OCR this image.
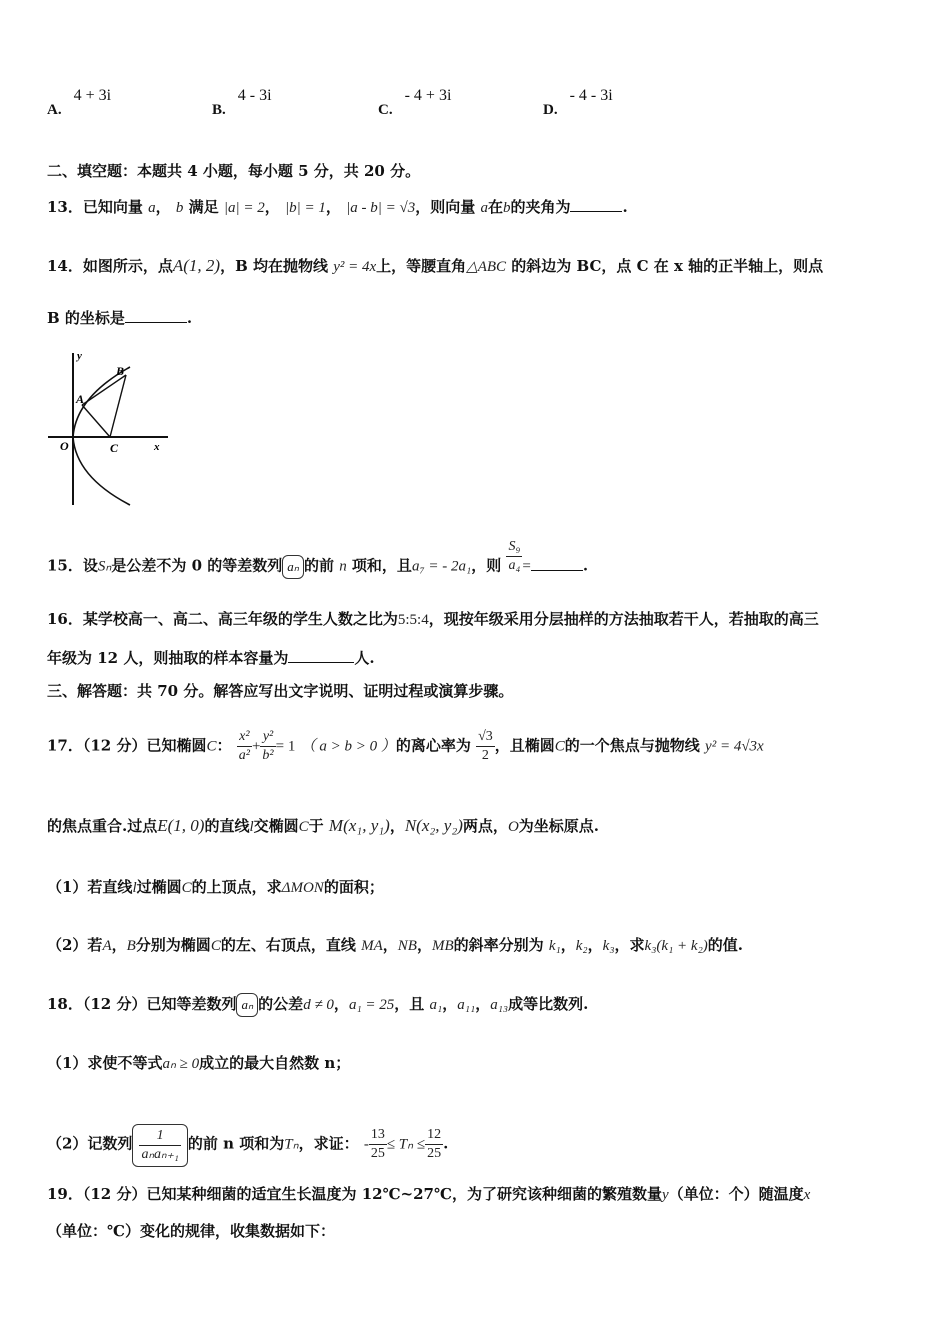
A.4 + 3i
B.4 - 3i
C.- 4 + 3i
D.- 4 - 3i
二、填空题：本题共 4 小题，每小题 5 分，共 20 分。
13．已知向量 a， b 满足 |a| = 2， |b| = 1， |a - b| = √3，则向量 a在b的夹角为	.
14．如图所示，点A(1, 2)，B 均在抛物线 y² = 4x上，等腰直角△ABC 的斜边为 BC，点 C 在 x 轴的正半轴上，则点
B 的坐标是	.
y
x
O
A
B
C
15．设Sₙ是公差不为 0 的等差数列 aₙ 的前 n 项和，且a₇ = - 2a₁，则 $\frac{\text{S₉}}{\text{a₄}}$ =	.
16．某学校高一、高二、高三年级的学生人数之比为5:5:4，现按年级采用分层抽样的方法抽取若干人，若抽取的高三
年级为 12 人，则抽取的样本容量为	人.
三、解答题：共 70 分。解答应写出文字说明、证明过程或演算步骤。
17．（12 分）已知椭圆C： $\frac{\text{x²}}{\text{a²}} + \frac{\text{y²}}{\text{b²}} = 1$ （ a > b > 0 ）的离心率为 $\frac{√3}{2}$ ，且椭圆C的一个焦点与抛物线 y² = 4√3x
的焦点重合.过点E(1, 0)的直线l交椭圆C于 M(x₁, y₁)，N(x₂, y₂)两点，O为坐标原点.
（1）若直线l过椭圆C的上顶点，求ΔMON的面积；
（2）若A，B分别为椭圆C的左、右顶点，直线 MA，NB，MB的斜率分别为 k₁，k₂，k₃，求k₃(k₁ + k₂)的值.
18．（12 分）已知等差数列 aₙ 的公差d ≠ 0，a₁ = 25，且 a₁，a₁₁，a₁₃成等比数列.
（1）求使不等式aₙ ≥ 0成立的最大自然数 n；
（2）记数列 $\frac{1}{\text{aₙaₙ₊₁}}$ 的前 n 项和为Tₙ，求证： - $\frac{13}{25} \le T_n \le \frac{12}{25}$ .
19．（12 分）已知某种细菌的适宜生长温度为 12℃~27℃，为了研究该种细菌的繁殖数量y（单位：个）随温度x
（单位：℃）变化的规律，收集数据如下：
